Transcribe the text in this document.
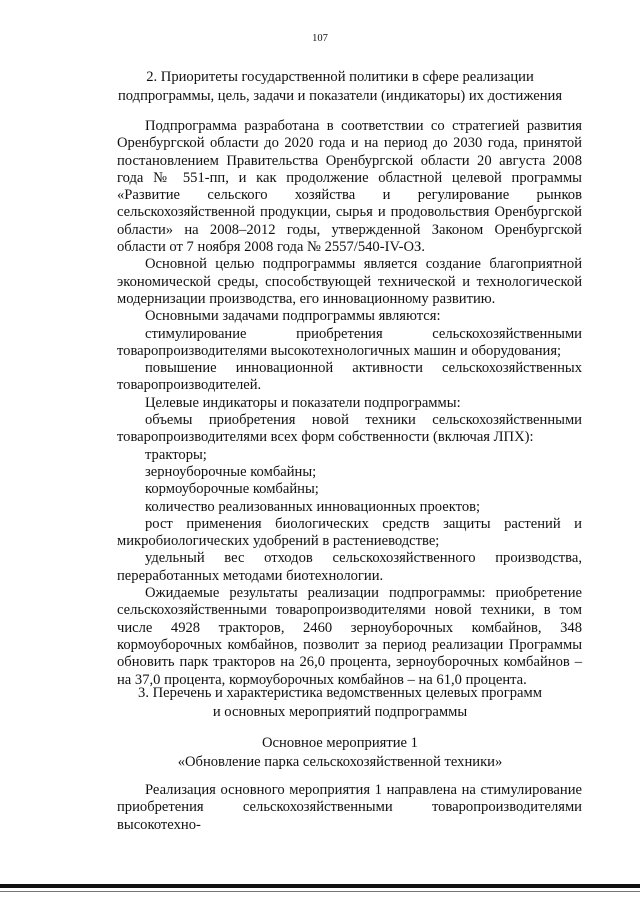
107
2. Приоритеты государственной политики в сфере реализации
подпрограммы, цель, задачи и показатели (индикаторы) их достижения

Подпрограмма разработана в соответствии со стратегией развития Оренбургской области до 2020 года и на период до 2030 года, принятой постановлением Правительства Оренбургской области 20 августа 2008 года № 551-пп, и как продолжение областной целевой программы «Развитие сельского хозяйства и регулирование рынков сельскохозяйственной продукции, сырья и продовольствия Оренбургской области» на 2008–2012 годы, утвержденной Законом Оренбургской области от 7 ноября 2008 года № 2557/540-IV-ОЗ.

Основной целью подпрограммы является создание благоприятной экономической среды, способствующей технической и технологической модернизации производства, его инновационному развитию.

Основными задачами подпрограммы являются:

стимулирование приобретения сельскохозяйственными товаропроизводителями высокотехнологичных машин и оборудования;

повышение инновационной активности сельскохозяйственных товаропроизводителей.

Целевые индикаторы и показатели подпрограммы:

объемы приобретения новой техники сельскохозяйственными товаропроизводителями всех форм собственности (включая ЛПХ):

тракторы;

зерноуборочные комбайны;

кормоуборочные комбайны;

количество реализованных инновационных проектов;

рост применения биологических средств защиты растений и микробиологических удобрений в растениеводстве;

удельный вес отходов сельскохозяйственного производства, переработанных методами биотехнологии.

Ожидаемые результаты реализации подпрограммы: приобретение сельскохозяйственными товаропроизводителями новой техники, в том числе 4928 тракторов, 2460 зерноуборочных комбайнов, 348 кормоуборочных комбайнов, позволит за период реализации Программы обновить парк тракторов на 26,0 процента, зерноуборочных комбайнов – на 37,0 процента, кормоуборочных комбайнов – на 61,0 процента.

3. Перечень и характеристика ведомственных целевых программ
и основных мероприятий подпрограммы
Основное мероприятие 1
«Обновление парка сельскохозяйственной техники»

Реализация основного мероприятия 1 направлена на стимулирование приобретения сельскохозяйственными товаропроизводителями высокотехно-
